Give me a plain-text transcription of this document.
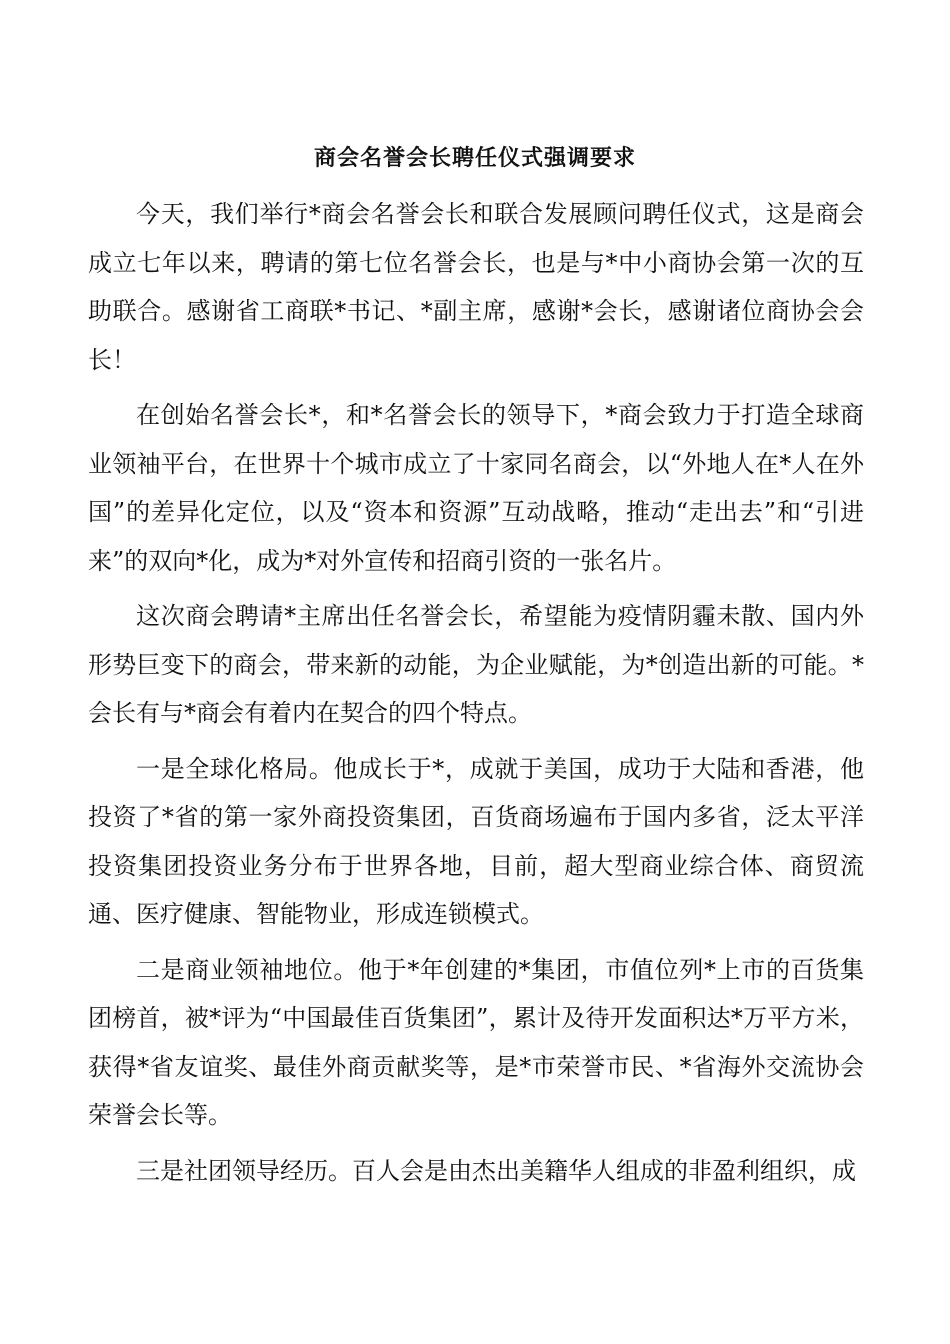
商会名誉会长聘任仪式强调要求

今天，我们举行*商会名誉会长和联合发展顾问聘任仪式，这是商会成立七年以来，聘请的第七位名誉会长，也是与*中小商协会第一次的互助联合。感谢省工商联*书记、*副主席，感谢*会长，感谢诸位商协会会长！

在创始名誉会长*，和*名誉会长的领导下，*商会致力于打造全球商业领袖平台，在世界十个城市成立了十家同名商会，以“外地人在*人在外国”的差异化定位，以及“资本和资源”互动战略，推动“走出去”和“引进来”的双向*化，成为*对外宣传和招商引资的一张名片。

这次商会聘请*主席出任名誉会长，希望能为疫情阴霾未散、国内外形势巨变下的商会，带来新的动能，为企业赋能，为*创造出新的可能。*会长有与*商会有着内在契合的四个特点。

一是全球化格局。他成长于*，成就于美国，成功于大陆和香港，他投资了*省的第一家外商投资集团，百货商场遍布于国内多省，泛太平洋投资集团投资业务分布于世界各地，目前，超大型商业综合体、商贸流通、医疗健康、智能物业，形成连锁模式。

二是商业领袖地位。他于*年创建的*集团，市值位列*上市的百货集团榜首，被*评为“中国最佳百货集团”，累计及待开发面积达*万平方米，获得*省友谊奖、最佳外商贡献奖等，是*市荣誉市民、*省海外交流协会荣誉会长等。

三是社团领导经历。百人会是由杰出美籍华人组成的非盈利组织，成
